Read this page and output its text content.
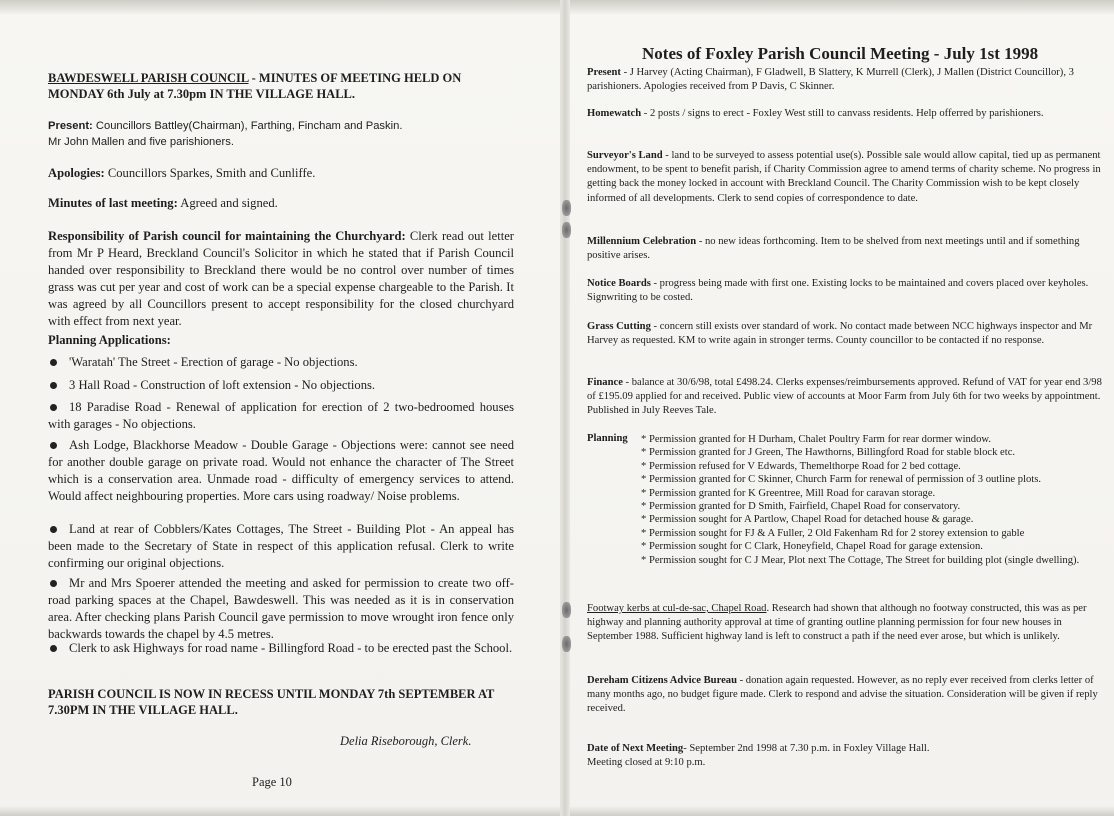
BAWDESWELL PARISH COUNCIL - MINUTES OF MEETING HELD ON MONDAY 6th July at 7.30pm IN THE VILLAGE HALL.
Present: Councillors Battley(Chairman), Farthing, Fincham and Paskin.
Mr John Mallen and five parishioners.
Apologies: Councillors Sparkes, Smith and Cunliffe.
Minutes of last meeting: Agreed and signed.
Responsibility of Parish council for maintaining the Churchyard: Clerk read out letter from Mr P Heard, Breckland Council's Solicitor in which he stated that if Parish Council handed over responsibility to Breckland there would be no control over number of times grass was cut per year and cost of work can be a special expense chargeable to the Parish. It was agreed by all Councillors present to accept responsibility for the closed churchyard with effect from next year.
Planning Applications:
'Waratah' The Street - Erection of garage - No objections.
3 Hall Road - Construction of loft extension - No objections.
18 Paradise Road - Renewal of application for erection of 2 two-bedroomed houses with garages - No objections.
Ash Lodge, Blackhorse Meadow - Double Garage - Objections were: cannot see need for another double garage on private road. Would not enhance the character of The Street which is a conservation area. Unmade road - difficulty of emergency services to attend. Would affect neighbouring properties. More cars using roadway/ Noise problems.
Land at rear of Cobblers/Kates Cottages, The Street - Building Plot - An appeal has been made to the Secretary of State in respect of this application refusal. Clerk to write confirming our original objections.
Mr and Mrs Spoerer attended the meeting and asked for permission to create two off-road parking spaces at the Chapel, Bawdeswell. This was needed as it is in conservation area. After checking plans Parish Council gave permission to move wrought iron fence only backwards towards the chapel by 4.5 metres.
Clerk to ask Highways for road name - Billingford Road - to be erected past the School.
PARISH COUNCIL IS NOW IN RECESS UNTIL MONDAY 7th SEPTEMBER AT 7.30PM IN THE VILLAGE HALL.
Delia Riseborough, Clerk.
Page 10
Notes of Foxley Parish Council Meeting - July 1st 1998
Present - J Harvey (Acting Chairman), F Gladwell, B Slattery, K Murrell (Clerk), J Mallen (District Councillor), 3 parishioners. Apologies received from P Davis, C Skinner.
Homewatch - 2 posts / signs to erect - Foxley West still to canvass residents. Help offerred by parishioners.
Surveyor's Land - land to be surveyed to assess potential use(s). Possible sale would allow capital, tied up as permanent endowment, to be spent to benefit parish, if Charity Commission agree to amend terms of charity scheme. No progress in getting back the money locked in account with Breckland Council. The Charity Commission wish to be kept closely informed of all developments. Clerk to send copies of correspondence to date.
Millennium Celebration - no new ideas forthcoming. Item to be shelved from next meetings until and if something positive arises.
Notice Boards - progress being made with first one. Existing locks to be maintained and covers placed over keyholes. Signwriting to be costed.
Grass Cutting - concern still exists over standard of work. No contact made between NCC highways inspector and Mr Harvey as requested. KM to write again in stronger terms. County councillor to be contacted if no response.
Finance - balance at 30/6/98, total £498.24. Clerks expenses/reimbursements approved. Refund of VAT for year end 3/98 of £195.09 applied for and received. Public view of accounts at Moor Farm from July 6th for two weeks by appointment. Published in July Reeves Tale.
Planning
*	Permission granted for H Durham, Chalet Poultry Farm for rear dormer window.
* Permission granted for J Green, The Hawthorns, Billingford Road for stable block etc.
* Permission refused for V Edwards, Themelthorpe Road for 2 bed cottage.
* Permission granted for C Skinner, Church Farm for renewal of permission of 3 outline plots.
* Permission granted for K Greentree, Mill Road for caravan storage.
* Permission granted for D Smith, Fairfield, Chapel Road for conservatory.
* Permission sought for A Partlow, Chapel Road for detached house & garage.
* Permission sought for FJ & A Fuller, 2 Old Fakenham Rd for 2 storey extension to gable
* Permission sought for C Clark, Honeyfield, Chapel Road for garage extension.
* Permission sought for C J Mear, Plot next The Cottage, The Street for building plot (single dwelling).
Footway kerbs at cul-de-sac, Chapel Road. Research had shown that although no footway constructed, this was as per highway and planning authority approval at time of granting outline planning permission for four new houses in September 1988. Sufficient highway land is left to construct a path if the need ever arose, but which is unlikely.
Dereham Citizens Advice Bureau - donation again requested. However, as no reply ever received from clerks letter of many months ago, no budget figure made. Clerk to respond and advise the situation. Consideration will be given if reply received.
Date of Next Meeting- September 2nd 1998 at 7.30 p.m. in Foxley Village Hall.
Meeting closed at 9:10 p.m.
